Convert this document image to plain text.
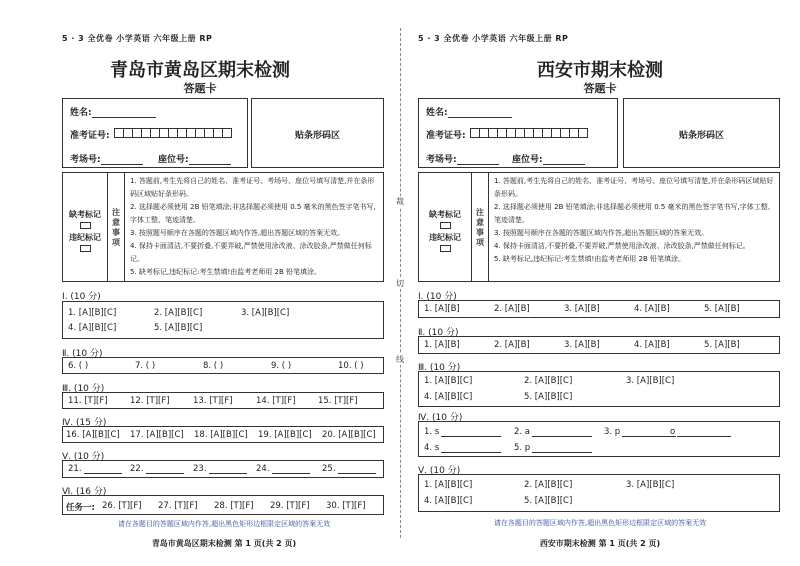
5 · 3 全优卷 小学英语 六年级上册 RP
青岛市黄岛区期末检测
答题卡
姓名:
准考证号:
考场号:	座位号:
贴条形码区
缺考标记
违纪标记
注意事项
1. 答题前,考生先将自己的姓名、准考证号、考场号、座位号填写清楚,并在条形码区域贴好条形码。
2. 选择题必须使用 2B 铅笔填涂;非选择题必须使用 0.5 毫米的黑色签字笔书写,字体工整、笔迹清楚。
3. 按照题号顺序在各题的答题区域内作答,超出答题区域的答案无效。
4. 保持卡面清洁,不要折叠,不要弄破,严禁使用涂改液、涂改胶条,严禁做任何标记。
5. 缺考标记,违纪标记:考生禁填!由监考老师用 2B 铅笔填涂。
Ⅰ. (10 分)
1. [A][B][C]	2. [A][B][C]	3. [A][B][C]
4. [A][B][C]	5. [A][B][C]
Ⅱ. (10 分)
6. ( )	7. ( )	8. ( )	9. ( )	10. ( )
Ⅲ. (10 分)
11. [T][F]	12. [T][F]	13. [T][F]	14. [T][F]	15. [T][F]
Ⅳ. (15 分)
16. [A][B][C] 17. [A][B][C] 18. [A][B][C] 19. [A][B][C] 20. [A][B][C]
Ⅴ. (10 分)
21.	22.	23.	24.	25.
Ⅵ. (16 分)
任务一: 26. [T][F] 27. [T][F] 28. [T][F] 29. [T][F] 30. [T][F]
请在各题目的答题区域内作答,超出黑色矩形边框限定区域的答案无效
青岛市黄岛区期末检测 第 1 页(共 2 页)
裁
切
线
5 · 3 全优卷 小学英语 六年级上册 RP
西安市期末检测
答题卡
姓名:
准考证号:
考场号:	座位号:
贴条形码区
缺考标记
违纪标记
注意事项
1. 答题前,考生先将自己的姓名、准考证号、考场号、座位号填写清楚,并在条形码区域贴好条形码。
2. 选择题必须使用 2B 铅笔填涂;非选择题必须使用 0.5 毫米的黑色签字笔书写,字体工整、笔迹清楚。
3. 按照题号顺序在各题的答题区域内作答,超出答题区域的答案无效。
4. 保持卡面清洁,不要折叠,不要弄破,严禁使用涂改液、涂改胶条,严禁做任何标记。
5. 缺考标记,违纪标记:考生禁填!由监考老师用 2B 铅笔填涂。
Ⅰ. (10 分)
1. [A][B]	2. [A][B]	3. [A][B]	4. [A][B]	5. [A][B]
Ⅱ. (10 分)
1. [A][B]	2. [A][B]	3. [A][B]	4. [A][B]	5. [A][B]
Ⅲ. (10 分)
1. [A][B][C]	2. [A][B][C]	3. [A][B][C]
4. [A][B][C]	5. [A][B][C]
Ⅳ. (10 分)
1. s	2. a	3. p	o
4. s	5. p
Ⅴ. (10 分)
1. [A][B][C]	2. [A][B][C]	3. [A][B][C]
4. [A][B][C]	5. [A][B][C]
请在各题目的答题区域内作答,超出黑色矩形边框限定区域的答案无效
西安市期末检测 第 1 页(共 2 页)
